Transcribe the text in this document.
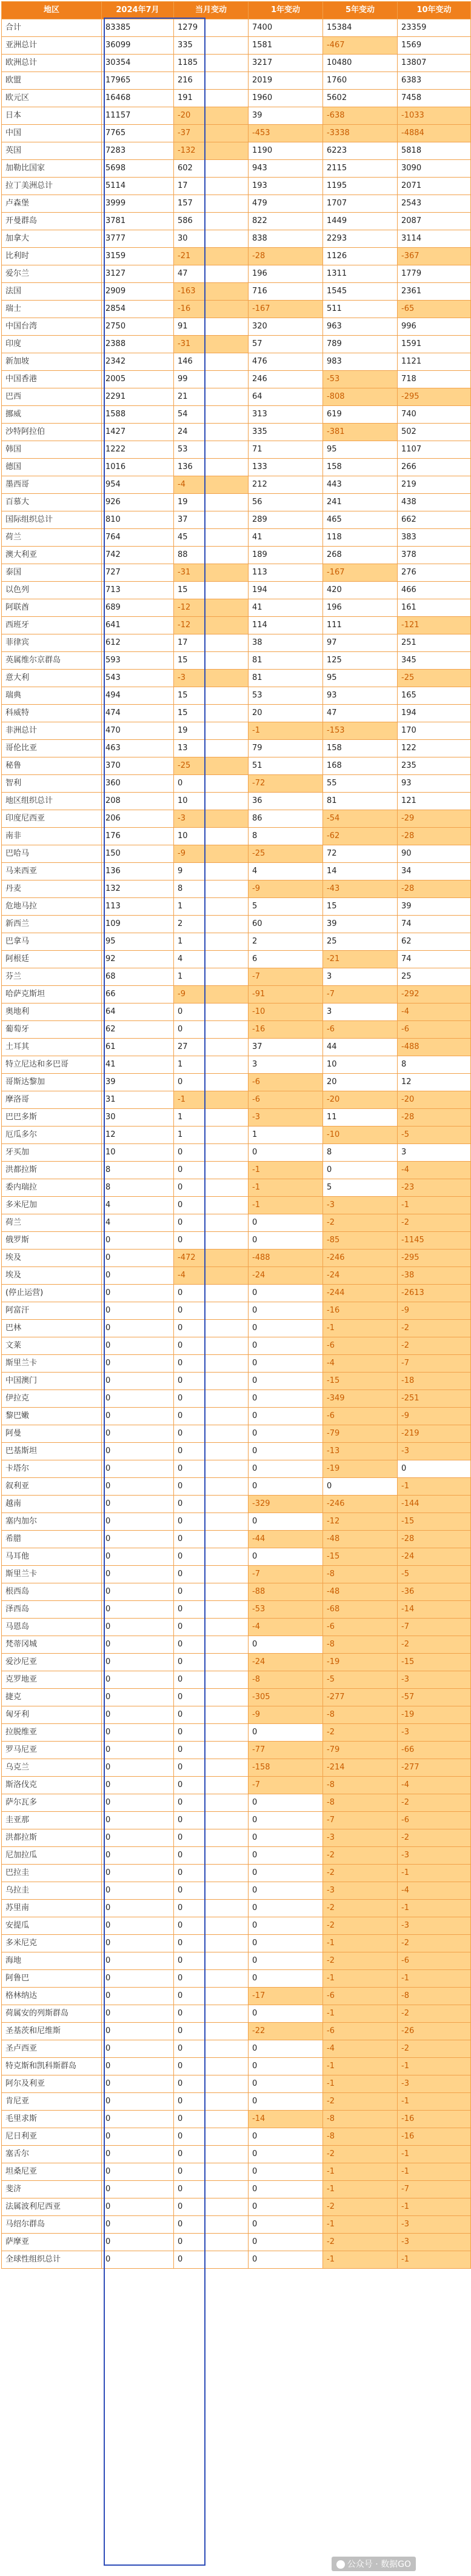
地区	2024年7月	当月变动	1年变动	5年变动	10年变动
合计	83385	1279	7400	15384	23359
亚洲总计	36099	335	1581	-467	1569
欧洲总计	30354	1185	3217	10480	13807
欧盟	17965	216	2019	1760	6383
欧元区	16468	191	1960	5602	7458
日本	11157	-20	39	-638	-1033
中国	7765	-37	-453	-3338	-4884
英国	7283	-132	1190	6223	5818
加勒比国家	5698	602	943	2115	3090
拉丁美洲总计	5114	17	193	1195	2071
卢森堡	3999	157	479	1707	2543
开曼群岛	3781	586	822	1449	2087
加拿大	3777	30	838	2293	3114
比利时	3159	-21	-28	1126	-367
爱尔兰	3127	47	196	1311	1779
法国	2909	-163	716	1545	2361
瑞士	2854	-16	-167	511	-65
中国台湾	2750	91	320	963	996
印度	2388	-31	57	789	1591
新加坡	2342	146	476	983	1121
中国香港	2005	99	246	-53	718
巴西	2291	21	64	-808	-295
挪威	1588	54	313	619	740
沙特阿拉伯	1427	24	335	-381	502
韩国	1222	53	71	95	1107
德国	1016	136	133	158	266
墨西哥	954	-4	212	443	219
百慕大	926	19	56	241	438
国际组织总计	810	37	289	465	662
荷兰	764	45	41	118	383
澳大利亚	742	88	189	268	378
泰国	727	-31	113	-167	276
以色列	713	15	194	420	466
阿联酋	689	-12	41	196	161
西班牙	641	-12	114	111	-121
菲律宾	612	17	38	97	251
英属维尔京群岛	593	15	81	125	345
意大利	543	-3	81	95	-25
瑞典	494	15	53	93	165
科威特	474	15	20	47	194
非洲总计	470	19	-1	-153	170
哥伦比亚	463	13	79	158	122
秘鲁	370	-25	51	168	235
智利	360	0	-72	55	93
地区组织总计	208	10	36	81	121
印度尼西亚	206	-3	86	-54	-29
南非	176	10	8	-62	-28
巴哈马	150	-9	-25	72	90
马来西亚	136	9	4	14	34
丹麦	132	8	-9	-43	-28
危地马拉	113	1	5	15	39
新西兰	109	2	60	39	74
巴拿马	95	1	2	25	62
阿根廷	92	4	6	-21	74
芬兰	68	1	-7	3	25
哈萨克斯坦	66	-9	-91	-7	-292
奥地利	64	0	-10	3	-4
葡萄牙	62	0	-16	-6	-6
土耳其	61	27	37	44	-488
特立尼达和多巴哥	41	1	3	10	8
哥斯达黎加	39	0	-6	20	12
摩洛哥	31	-1	-6	-20	-20
巴巴多斯	30	1	-3	11	-28
厄瓜多尔	12	1	1	-10	-5
牙买加	10	0	0	8	3
洪都拉斯	8	0	-1	0	-4
委内瑞拉	8	0	-1	5	-23
多米尼加	4	0	-1	-3	-1
荷兰	4	0	0	-2	-2
俄罗斯	0	0	0	-85	-1145
埃及	0	-472	-488	-246	-295
埃及	0	-4	-24	-24	-38
(停止运营)	0	0	0	-244	-2613
阿富汗	0	0	0	-16	-9
巴林	0	0	0	-1	-2
文莱	0	0	0	-6	-2
斯里兰卡	0	0	0	-4	-7
中国澳门	0	0	0	-15	-18
伊拉克	0	0	0	-349	-251
黎巴嫩	0	0	0	-6	-9
阿曼	0	0	0	-79	-219
巴基斯坦	0	0	0	-13	-3
卡塔尔	0	0	0	-19	0
叙利亚	0	0	0	0	-1
越南	0	0	-329	-246	-144
塞内加尔	0	0	0	-12	-15
希腊	0	0	-44	-48	-28
马耳他	0	0	0	-15	-24
斯里兰卡	0	0	-7	-8	-5
根西岛	0	0	-88	-48	-36
泽西岛	0	0	-53	-68	-14
马恩岛	0	0	-4	-6	-7
梵蒂冈城	0	0	0	-8	-2
爱沙尼亚	0	0	-24	-19	-15
克罗地亚	0	0	-8	-5	-3
捷克	0	0	-305	-277	-57
匈牙利	0	0	-9	-8	-19
拉脱维亚	0	0	0	-2	-3
罗马尼亚	0	0	-77	-79	-66
乌克兰	0	0	-158	-214	-277
斯洛伐克	0	0	-7	-8	-4
萨尔瓦多	0	0	0	-8	-2
圭亚那	0	0	0	-7	-6
洪都拉斯	0	0	0	-3	-2
尼加拉瓜	0	0	0	-2	-3
巴拉圭	0	0	0	-2	-1
乌拉圭	0	0	0	-3	-4
苏里南	0	0	0	-2	-1
安提瓜	0	0	0	-2	-3
多米尼克	0	0	0	-1	-2
海地	0	0	0	-2	-6
阿鲁巴	0	0	0	-1	-1
格林纳达	0	0	-17	-6	-8
荷属安的列斯群岛	0	0	0	-1	-2
圣基茨和尼维斯	0	0	-22	-6	-26
圣卢西亚	0	0	0	-4	-2
特克斯和凯科斯群岛	0	0	0	-1	-1
阿尔及利亚	0	0	0	-1	-3
肯尼亚	0	0	0	-2	-1
毛里求斯	0	0	-14	-8	-16
尼日利亚	0	0	0	-8	-16
塞舌尔	0	0	0	-2	-1
坦桑尼亚	0	0	0	-1	-1
斐济	0	0	0	-1	-7
法属波利尼西亚	0	0	0	-2	-1
马绍尔群岛	0	0	0	-1	-3
萨摩亚	0	0	0	-2	-3
全球性组织总计	0	0	0	-1	-1
公众号 · 数据GO
